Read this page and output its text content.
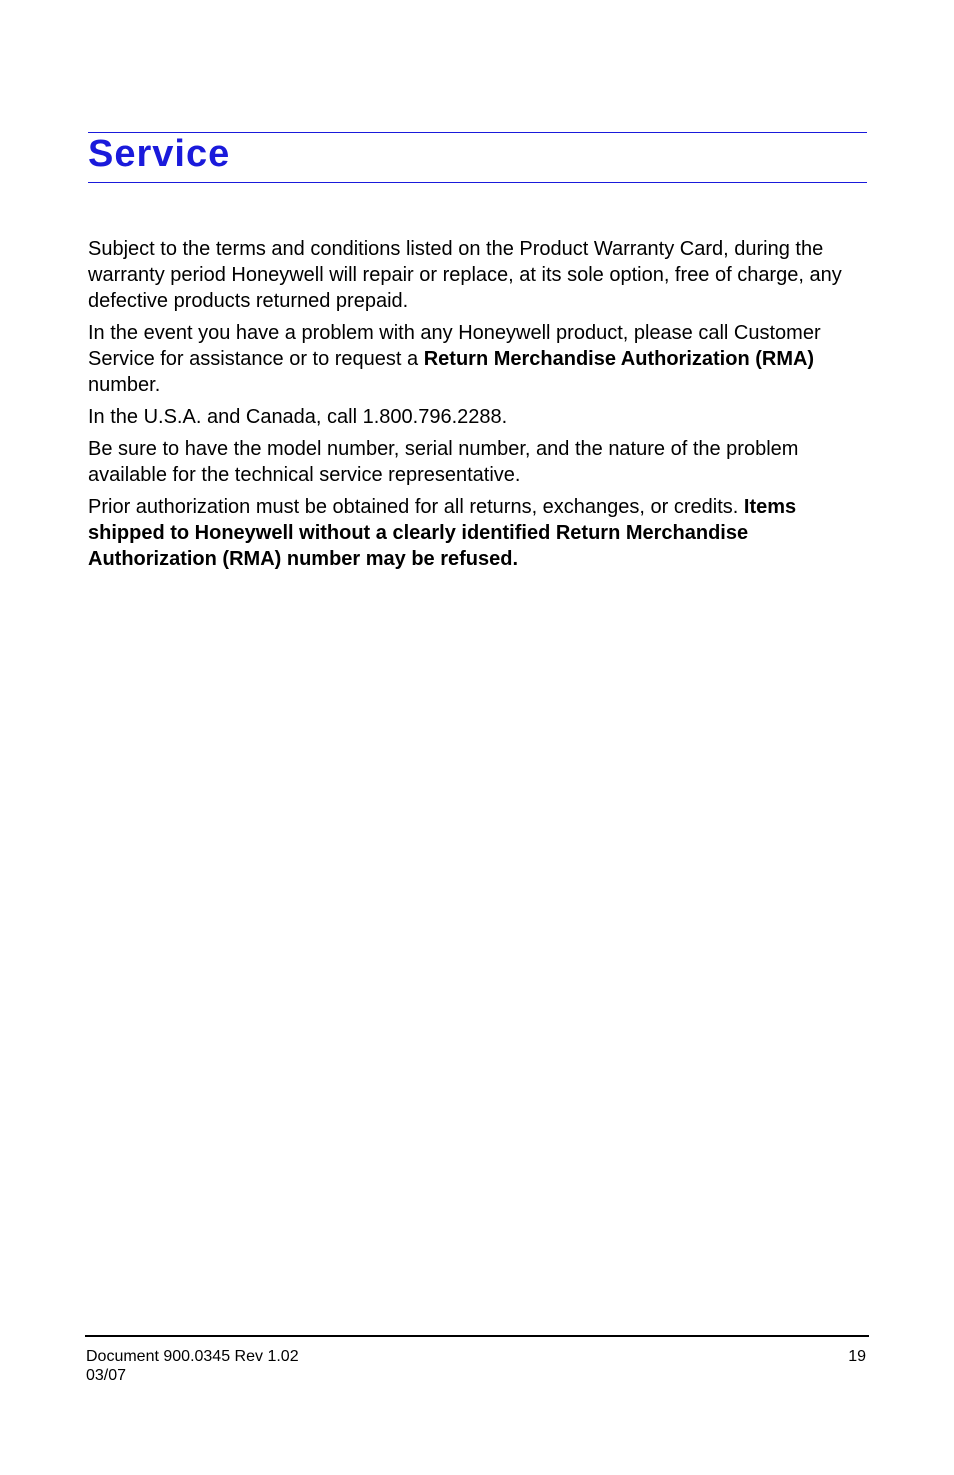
Service

Subject to the terms and conditions listed on the Product Warranty Card, during the warranty period Honeywell will repair or replace, at its sole option, free of charge, any defective products returned prepaid.

In the event you have a problem with any Honeywell product, please call Customer Service for assistance or to request a Return Merchandise Authorization (RMA) number.

In the U.S.A. and Canada, call 1.800.796.2288.

Be sure to have the model number, serial number, and the nature of the problem available for the technical service representative.

Prior authorization must be obtained for all returns, exchanges, or credits. Items shipped to Honeywell without a clearly identified Return Merchandise Authorization (RMA) number may be refused.

Document 900.0345 Rev 1.02
03/07
19
